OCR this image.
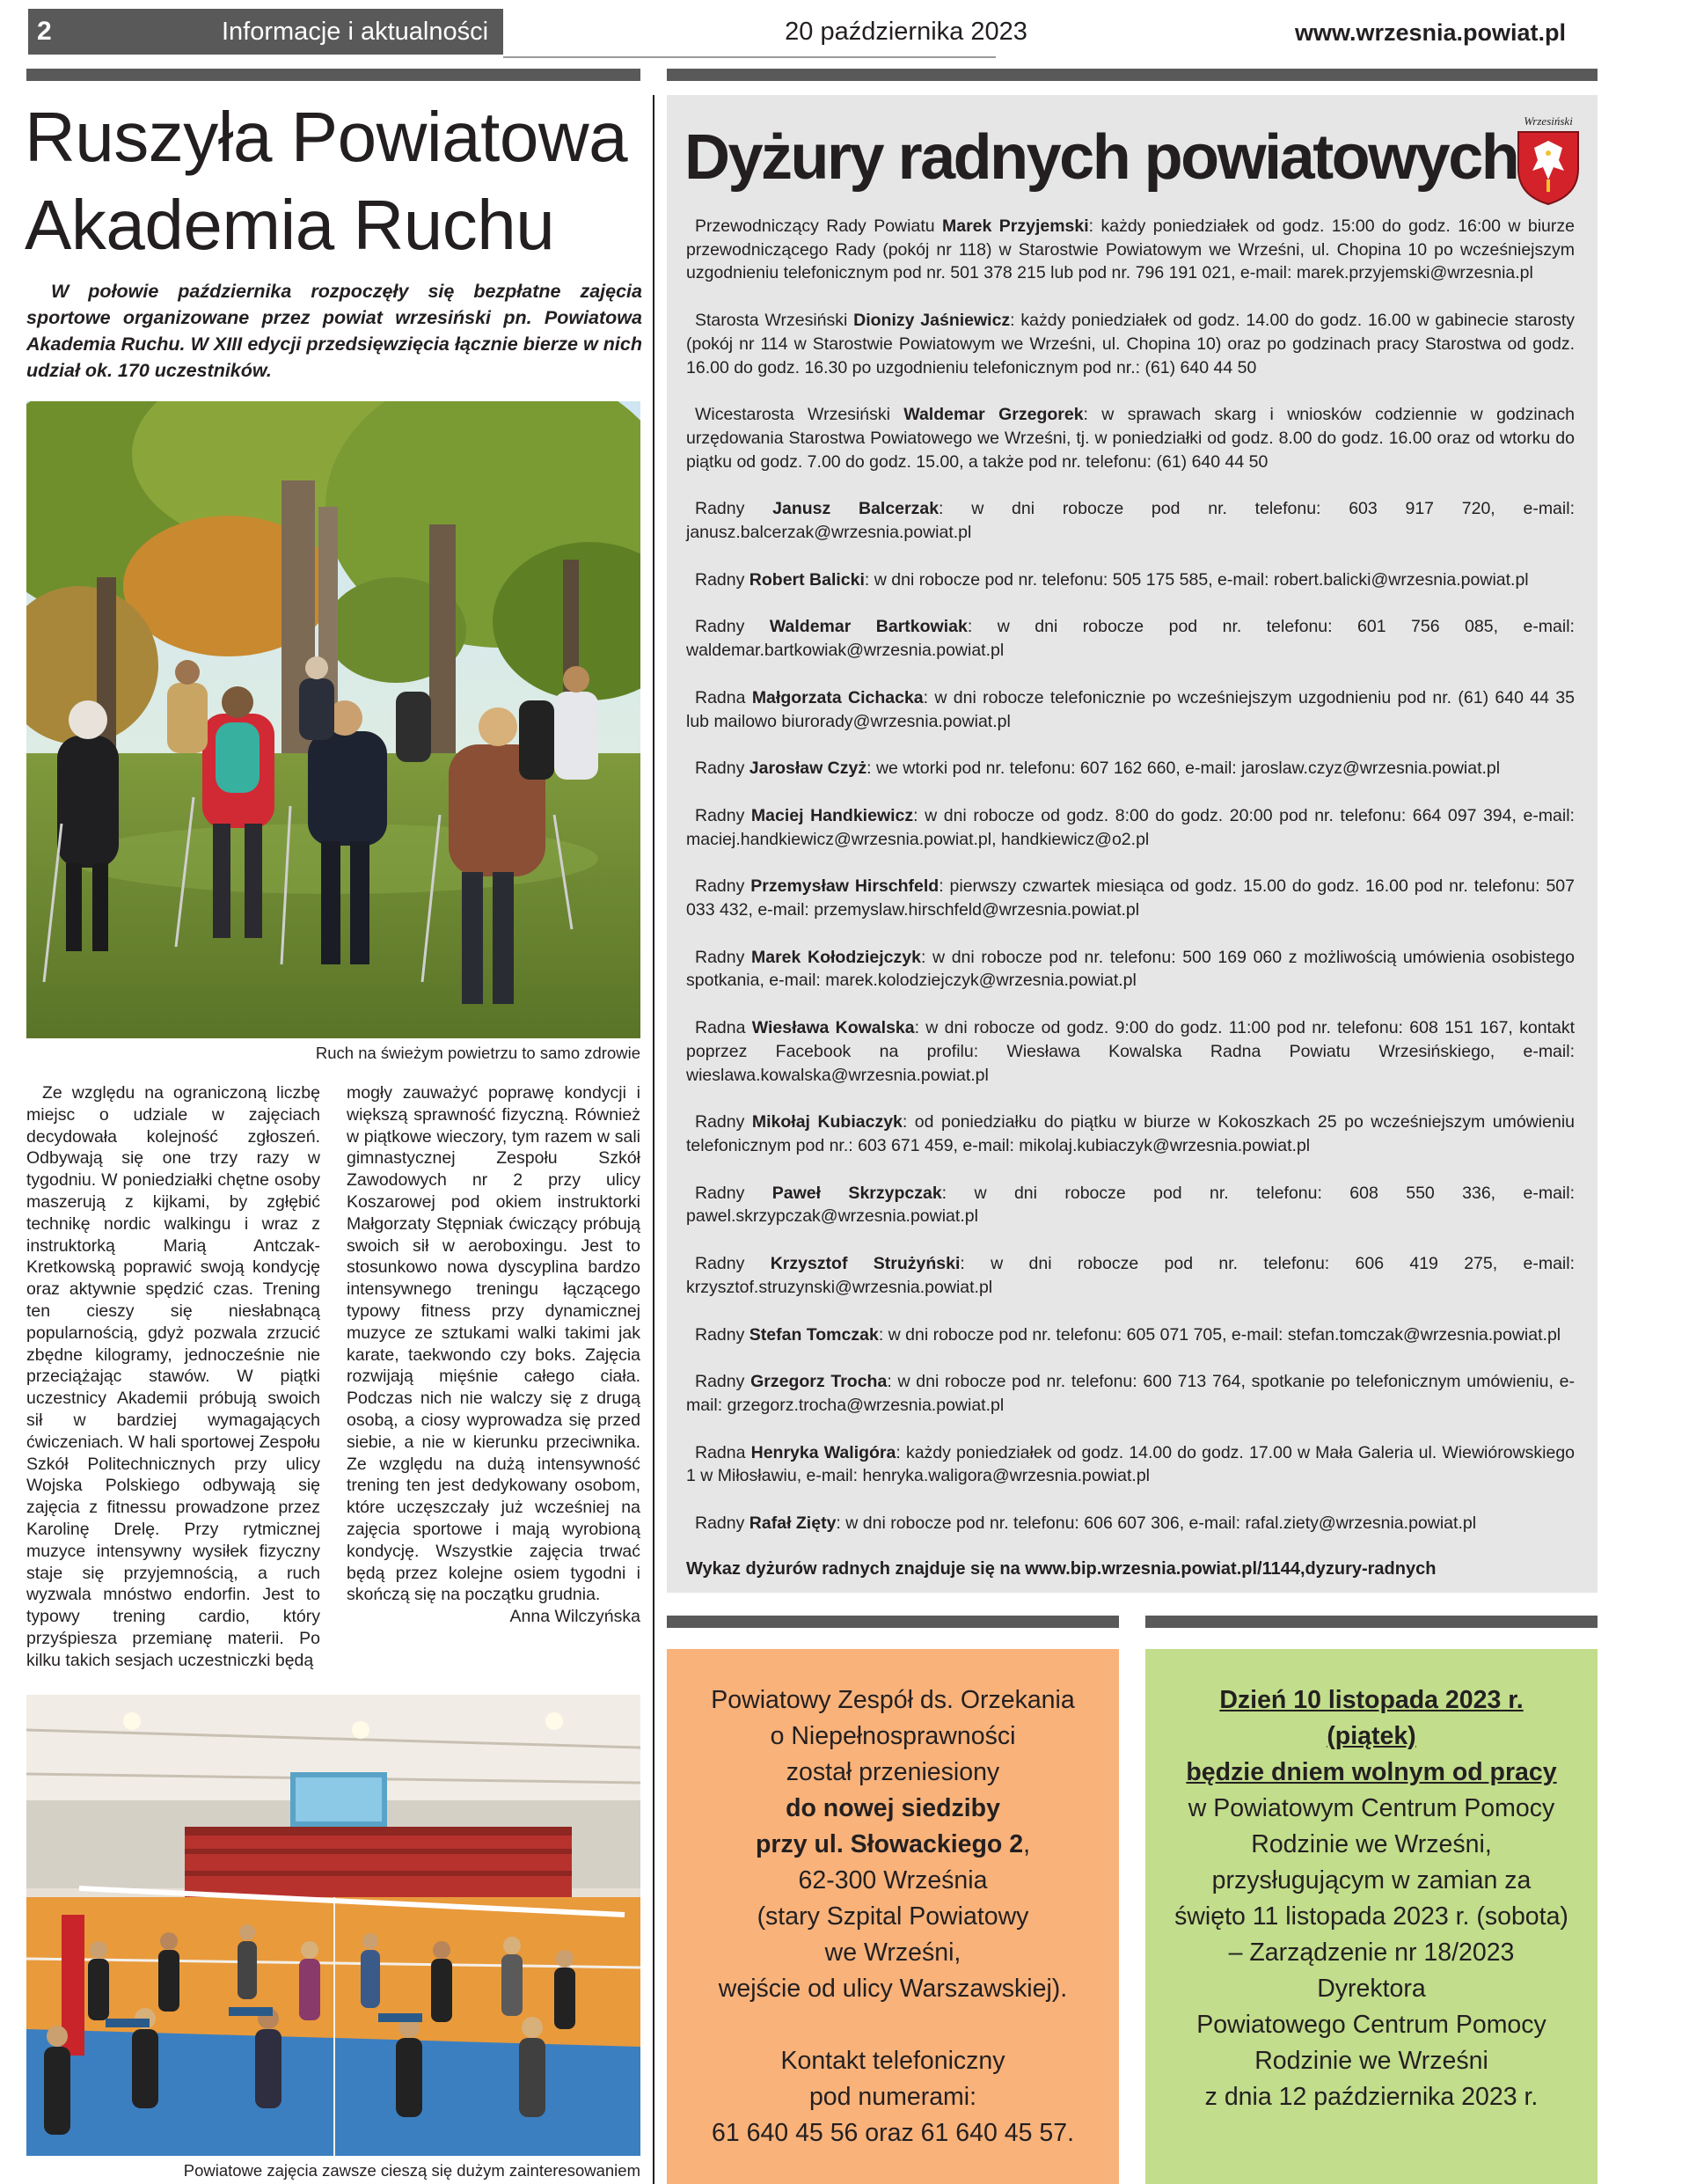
2	Informacje i aktualności	20 października 2023	www.wrzesnia.powiat.pl
Ruszyła Powiatowa
Akademia Ruchu
W połowie października rozpoczęły się bezpłatne zajęcia sportowe organizowane przez powiat wrzesiński pn. Powiatowa Akademia Ruchu. W XIII edycji przedsięwzięcia łącznie bierze w nich udział ok. 170 uczestników.
Ruch na świeżym powietrzu to samo zdrowie

Ze względu na ograniczoną liczbę miejsc o udziale w zajęciach decydowała kolejność zgłoszeń. Odbywają się one trzy razy w tygodniu. W poniedziałki chętne osoby maszerują z kijkami, by zgłębić technikę nordic walkingu i wraz z instruktorką Marią Antczak-Kretkowską poprawić swoją kondycję oraz aktywnie spędzić czas. Trening ten cieszy się niesłabnącą popularnością, gdyż pozwala zrzucić zbędne kilogramy, jednocześnie nie przeciążając stawów. W piątki uczestnicy Akademii próbują swoich sił w bardziej wymagających ćwiczeniach. W hali sportowej Zespołu Szkół Politechnicznych przy ulicy Wojska Polskiego odbywają się zajęcia z fitnessu prowadzone przez Karolinę Drelę. Przy rytmicznej muzyce intensywny wysiłek fizyczny staje się przyjemnością, a ruch wyzwala mnóstwo endorfin. Jest to typowy trening cardio, który przyśpiesza przemianę materii. Po kilku takich sesjach uczestniczki będą

mogły zauważyć poprawę kondycji i większą sprawność fizyczną. Również w piątkowe wieczory, tym razem w sali gimnastycznej Zespołu Szkół Zawodowych nr 2 przy ulicy Koszarowej pod okiem instruktorki Małgorzaty Stępniak ćwiczący próbują swoich sił w aeroboxingu. Jest to stosunkowo nowa dyscyplina bardzo intensywnego treningu łączącego typowy fitness przy dynamicznej muzyce ze sztukami walki takimi jak karate, taekwondo czy boks. Zajęcia rozwijają mięśnie całego ciała. Podczas nich nie walczy się z drugą osobą, a ciosy wyprowadza się przed siebie, a nie w kierunku przeciwnika. Ze względu na dużą intensywność trening ten jest dedykowany osobom, które uczęszczały już wcześniej na zajęcia sportowe i mają wyrobioną kondycję. Wszystkie zajęcia trwać będą przez kolejne osiem tygodni i skończą się na początku grudnia.

Anna Wilczyńska
Powiatowe zajęcia zawsze cieszą się dużym zainteresowaniem
Dyżury radnych powiatowych
Wrzesiński

Przewodniczący Rady Powiatu Marek Przyjemski: każdy poniedziałek od godz. 15:00 do godz. 16:00 w biurze przewodniczącego Rady (pokój nr 118) w Starostwie Powiatowym we Wrześni, ul. Chopina 10 po wcześniejszym uzgodnieniu telefonicznym pod nr. 501 378 215 lub pod nr. 796 191 021, e-mail: marek.przyjemski@wrzesnia.pl

Starosta Wrzesiński Dionizy Jaśniewicz: każdy poniedziałek od godz. 14.00 do godz. 16.00 w gabinecie starosty (pokój nr 114 w Starostwie Powiatowym we Wrześni, ul. Chopina 10) oraz po godzinach pracy Starostwa od godz. 16.00 do godz. 16.30 po uzgodnieniu telefonicznym pod nr.: (61) 640 44 50

Wicestarosta Wrzesiński Waldemar Grzegorek: w sprawach skarg i wniosków codziennie w godzinach urzędowania Starostwa Powiatowego we Wrześni, tj. w poniedziałki od godz. 8.00 do godz. 16.00 oraz od wtorku do piątku od godz. 7.00 do godz. 15.00, a także pod nr. telefonu: (61) 640 44 50

Radny Janusz Balcerzak: w dni robocze pod nr. telefonu: 603 917 720, e-mail: janusz.balcerzak@wrzesnia.powiat.pl

Radny Robert Balicki: w dni robocze pod nr. telefonu: 505 175 585, e-mail: robert.balicki@wrzesnia.powiat.pl

Radny Waldemar Bartkowiak: w dni robocze pod nr. telefonu: 601 756 085, e-mail: waldemar.bartkowiak@wrzesnia.powiat.pl

Radna Małgorzata Cichacka: w dni robocze telefonicznie po wcześniejszym uzgodnieniu pod nr. (61) 640 44 35 lub mailowo biurorady@wrzesnia.powiat.pl

Radny Jarosław Czyż: we wtorki pod nr. telefonu: 607 162 660, e-mail: jaroslaw.czyz@wrzesnia.powiat.pl

Radny Maciej Handkiewicz: w dni robocze od godz. 8:00 do godz. 20:00 pod nr. telefonu: 664 097 394, e-mail: maciej.handkiewicz@wrzesnia.powiat.pl, handkiewicz@o2.pl

Radny Przemysław Hirschfeld: pierwszy czwartek miesiąca od godz. 15.00 do godz. 16.00 pod nr. telefonu: 507 033 432, e-mail: przemyslaw.hirschfeld@wrzesnia.powiat.pl

Radny Marek Kołodziejczyk: w dni robocze pod nr. telefonu: 500 169 060 z możliwością umówienia osobistego spotkania, e-mail: marek.kolodziejczyk@wrzesnia.powiat.pl

Radna Wiesława Kowalska: w dni robocze od godz. 9:00 do godz. 11:00 pod nr. telefonu: 608 151 167, kontakt poprzez Facebook na profilu: Wiesława Kowalska Radna Powiatu Wrzesińskiego, e-mail: wieslawa.kowalska@wrzesnia.powiat.pl

Radny Mikołaj Kubiaczyk: od poniedziałku do piątku w biurze w Kokoszkach 25 po wcześniejszym umówieniu telefonicznym pod nr.: 603 671 459, e-mail: mikolaj.kubiaczyk@wrzesnia.powiat.pl

Radny Paweł Skrzypczak: w dni robocze pod nr. telefonu: 608 550 336, e-mail: pawel.skrzypczak@wrzesnia.powiat.pl

Radny Krzysztof Strużyński: w dni robocze pod nr. telefonu: 606 419 275, e-mail: krzysztof.struzynski@wrzesnia.powiat.pl

Radny Stefan Tomczak: w dni robocze pod nr. telefonu: 605 071 705, e-mail: stefan.tomczak@wrzesnia.powiat.pl

Radny Grzegorz Trocha: w dni robocze pod nr. telefonu: 600 713 764, spotkanie po telefonicznym umówieniu, e-mail: grzegorz.trocha@wrzesnia.powiat.pl

Radna Henryka Waligóra: każdy poniedziałek od godz. 14.00 do godz. 17.00 w Mała Galeria ul. Wiewiórowskiego 1 w Miłosławiu, e-mail: henryka.waligora@wrzesnia.powiat.pl

Radny Rafał Zięty: w dni robocze pod nr. telefonu: 606 607 306, e-mail: rafal.ziety@wrzesnia.powiat.pl

Wykaz dyżurów radnych znajduje się na www.bip.wrzesnia.powiat.pl/1144,dyzury-radnych
Powiatowy Zespół ds. Orzekania
o Niepełnosprawności
został przeniesiony
do nowej siedziby
przy ul. Słowackiego 2,
62-300 Września
(stary Szpital Powiatowy
we Wrześni,
wejście od ulicy Warszawskiej).
Kontakt telefoniczny
pod numerami:
61 640 45 56 oraz 61 640 45 57.
Dzień 10 listopada 2023 r.
(piątek)
będzie dniem wolnym od pracy
w Powiatowym Centrum Pomocy
Rodzinie we Wrześni,
przysługującym w zamian za
święto 11 listopada 2023 r. (sobota)
– Zarządzenie nr 18/2023
Dyrektora
Powiatowego Centrum Pomocy
Rodzinie we Wrześni
z dnia 12 października 2023 r.
